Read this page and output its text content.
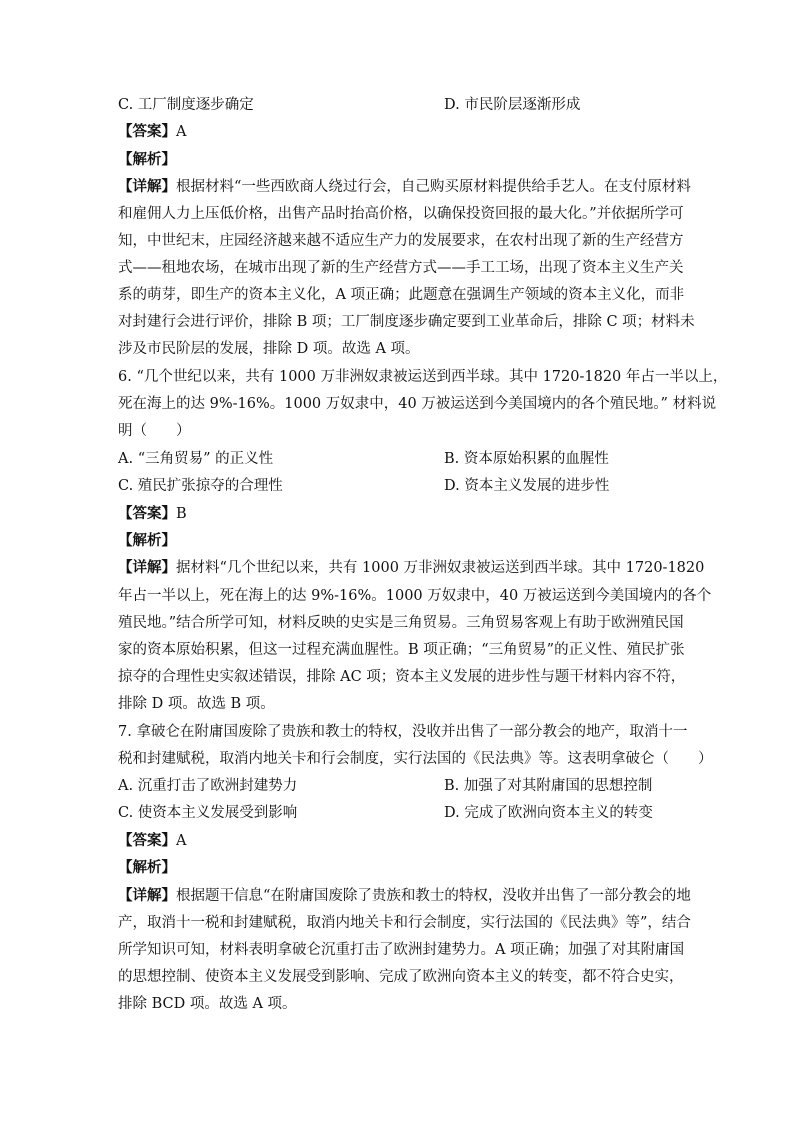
C. 工厂制度逐步确定	D. 市民阶层逐渐形成
【答案】A
【解析】
【详解】根据材料“一些西欧商人绕过行会，自己购买原材料提供给手艺人。在支付原材料
和雇佣人力上压低价格，出售产品时抬高价格，以确保投资回报的最大化。”并依据所学可
知，中世纪末，庄园经济越来越不适应生产力的发展要求，在农村出现了新的生产经营方
式——租地农场，在城市出现了新的生产经营方式——手工工场，出现了资本主义生产关
系的萌芽，即生产的资本主义化，A 项正确；此题意在强调生产领域的资本主义化，而非
对封建行会进行评价，排除 B 项；工厂制度逐步确定要到工业革命后，排除 C 项；材料未
涉及市民阶层的发展，排除 D 项。故选 A 项。
6. “几个世纪以来，共有 1000 万非洲奴隶被运送到西半球。其中 1720-1820 年占一半以上，
死在海上的达 9%-16%。1000 万奴隶中，40 万被运送到今美国境内的各个殖民地。” 材料说
明（　　）
A. “三角贸易” 的正义性	B. 资本原始积累的血腥性
C. 殖民扩张掠夺的合理性	D. 资本主义发展的进步性
【答案】B
【解析】
【详解】据材料“几个世纪以来，共有 1000 万非洲奴隶被运送到西半球。其中 1720-1820
年占一半以上，死在海上的达 9%-16%。1000 万奴隶中，40 万被运送到今美国境内的各个
殖民地。”结合所学可知，材料反映的史实是三角贸易。三角贸易客观上有助于欧洲殖民国
家的资本原始积累，但这一过程充满血腥性。B 项正确；“三角贸易”的正义性、殖民扩张
掠夺的合理性史实叙述错误，排除 AC 项；资本主义发展的进步性与题干材料内容不符，
排除 D 项。故选 B 项。
7. 拿破仑在附庸国废除了贵族和教士的特权，没收并出售了一部分教会的地产，取消十一
税和封建赋税，取消内地关卡和行会制度，实行法国的《民法典》等。这表明拿破仑（　　）
A. 沉重打击了欧洲封建势力	B. 加强了对其附庸国的思想控制
C. 使资本主义发展受到影响	D. 完成了欧洲向资本主义的转变
【答案】A
【解析】
【详解】根据题干信息“在附庸国废除了贵族和教士的特权，没收并出售了一部分教会的地
产，取消十一税和封建赋税，取消内地关卡和行会制度，实行法国的《民法典》等”，结合
所学知识可知，材料表明拿破仑沉重打击了欧洲封建势力。A 项正确；加强了对其附庸国
的思想控制、使资本主义发展受到影响、完成了欧洲向资本主义的转变，都不符合史实，
排除 BCD 项。故选 A 项。
